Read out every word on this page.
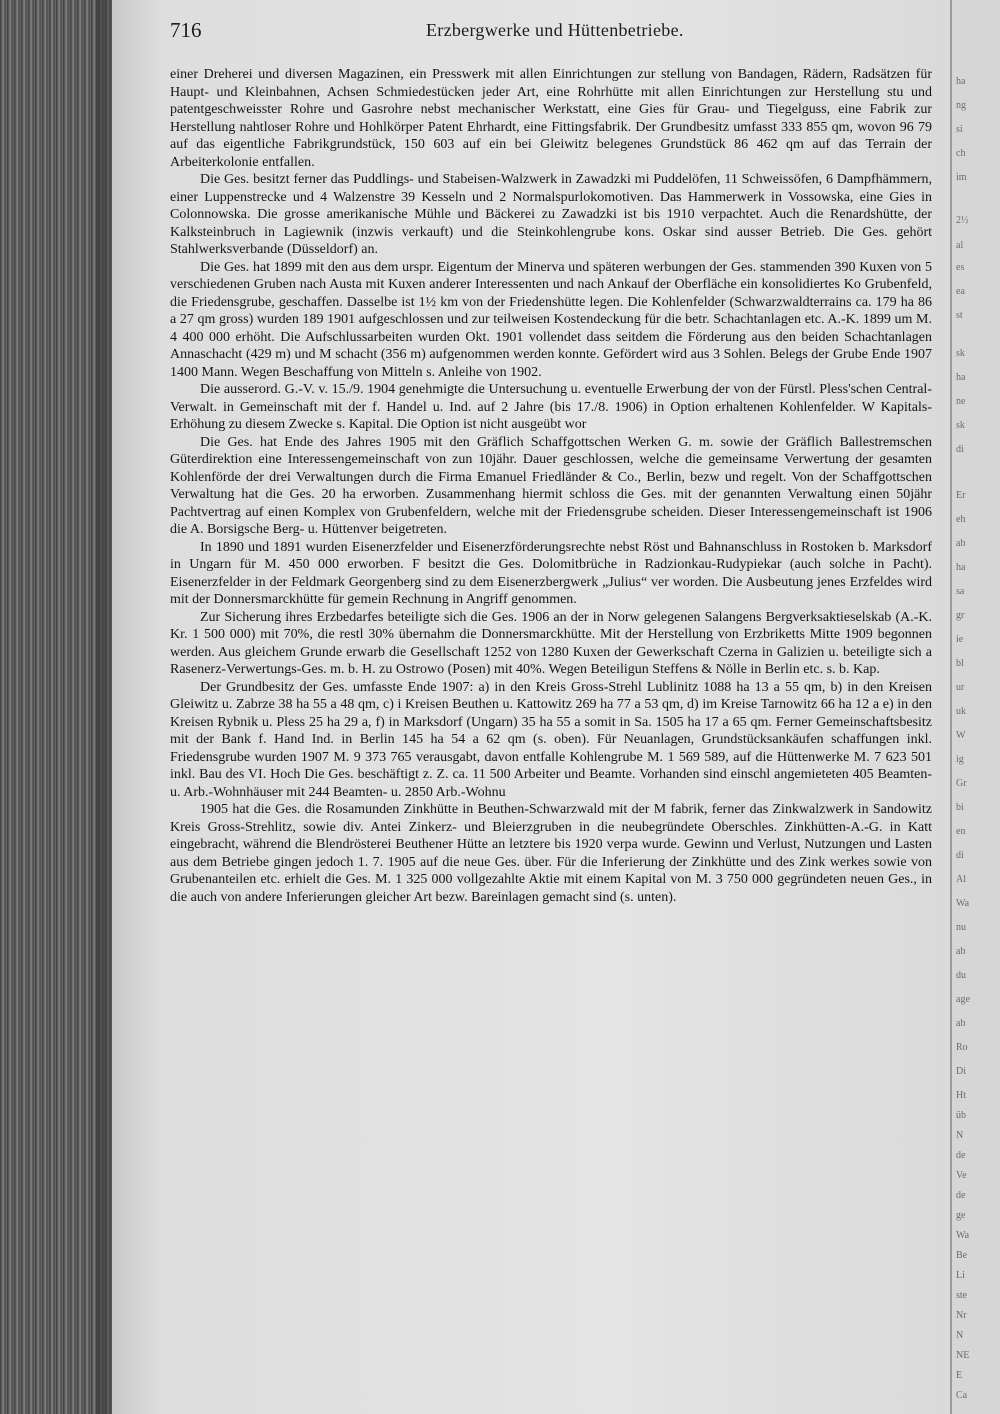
ha
ng
si
ch
im
2½
al
es
ea
st
sk
ha
ne
sk
di
Er
eh
ab
ha
sa
gr
ie
bl
ur
uk
W
ig
Gr
bi
en
di
Al
Wa
nu
ab
du
age
ab
Ro
Di
Ht
üb
N
de
Ve
de
ge
Wa
Be
Li
ste
Nr
N
NE
E
Ca
716	Erzbergwerke und Hüttenbetriebe.

einer Dreherei und diversen Magazinen, ein Presswerk mit allen Einrichtungen zur stellung von Bandagen, Rädern, Radsätzen für Haupt- und Kleinbahnen, Achsen Schmiedestücken jeder Art, eine Rohrhütte mit allen Einrichtungen zur Herstellung stu und patentgeschweisster Rohre und Gasrohre nebst mechanischer Werkstatt, eine Gies für Grau- und Tiegelguss, eine Fabrik zur Herstellung nahtloser Rohre und Hohlkörper Patent Ehrhardt, eine Fittingsfabrik. Der Grundbesitz umfasst 333 855 qm, wovon 96 79 auf das eigentliche Fabrikgrundstück, 150 603 auf ein bei Gleiwitz belegenes Grundstück 86 462 qm auf das Terrain der Arbeiterkolonie entfallen.

Die Ges. besitzt ferner das Puddlings- und Stabeisen-Walzwerk in Zawadzki mi Puddelöfen, 11 Schweissöfen, 6 Dampfhämmern, einer Luppenstrecke und 4 Walzenstre 39 Kesseln und 2 Normalspurlokomotiven. Das Hammerwerk in Vossowska, eine Gies in Colonnowska. Die grosse amerikanische Mühle und Bäckerei zu Zawadzki ist bis 1910 verpachtet. Auch die Renardshütte, der Kalksteinbruch in Lagiewnik (inzwis verkauft) und die Steinkohlengrube kons. Oskar sind ausser Betrieb. Die Ges. gehört Stahlwerksverbande (Düsseldorf) an.

Die Ges. hat 1899 mit den aus dem urspr. Eigentum der Minerva und späteren werbungen der Ges. stammenden 390 Kuxen von 5 verschiedenen Gruben nach Austa mit Kuxen anderer Interessenten und nach Ankauf der Oberfläche ein konsolidiertes Ko Grubenfeld, die Friedensgrube, geschaffen. Dasselbe ist 1½ km von der Friedenshütte legen. Die Kohlenfelder (Schwarzwaldterrains ca. 179 ha 86 a 27 qm gross) wurden 189 1901 aufgeschlossen und zur teilweisen Kostendeckung für die betr. Schachtanlagen etc. A.-K. 1899 um M. 4 400 000 erhöht. Die Aufschlussarbeiten wurden Okt. 1901 vollendet dass seitdem die Förderung aus den beiden Schachtanlagen Annaschacht (429 m) und M schacht (356 m) aufgenommen werden konnte. Gefördert wird aus 3 Sohlen. Belegs der Grube Ende 1907 1400 Mann. Wegen Beschaffung von Mitteln s. Anleihe von 1902.

Die ausserord. G.-V. v. 15./9. 1904 genehmigte die Untersuchung u. eventuelle Erwerbung der von der Fürstl. Pless'schen Central-Verwalt. in Gemeinschaft mit der f. Handel u. Ind. auf 2 Jahre (bis 17./8. 1906) in Option erhaltenen Kohlenfelder. W Kapitals-Erhöhung zu diesem Zwecke s. Kapital. Die Option ist nicht ausgeübt wor

Die Ges. hat Ende des Jahres 1905 mit den Gräflich Schaffgottschen Werken G. m. sowie der Gräflich Ballestremschen Güterdirektion eine Interessengemeinschaft von zun 10jähr. Dauer geschlossen, welche die gemeinsame Verwertung der gesamten Kohlenförde der drei Verwaltungen durch die Firma Emanuel Friedländer & Co., Berlin, bezw und regelt. Von der Schaffgottschen Verwaltung hat die Ges. 20 ha erworben. Zusammenhang hiermit schloss die Ges. mit der genannten Verwaltung einen 50jähr Pachtvertrag auf einen Komplex von Grubenfeldern, welche mit der Friedensgrube scheiden. Dieser Interessengemeinschaft ist 1906 die A. Borsigsche Berg- u. Hüttenver beigetreten.

In 1890 und 1891 wurden Eisenerzfelder und Eisenerzförderungsrechte nebst Röst und Bahnanschluss in Rostoken b. Marksdorf in Ungarn für M. 450 000 erworben. F besitzt die Ges. Dolomitbrüche in Radzionkau-Rudypiekar (auch solche in Pacht). Eisenerzfelder in der Feldmark Georgenberg sind zu dem Eisenerzbergwerk „Julius“ ver worden. Die Ausbeutung jenes Erzfeldes wird mit der Donnersmarckhütte für gemein Rechnung in Angriff genommen.

Zur Sicherung ihres Erzbedarfes beteiligte sich die Ges. 1906 an der in Norw gelegenen Salangens Bergverksaktieselskab (A.-K. Kr. 1 500 000) mit 70%, die restl 30% übernahm die Donnersmarckhütte. Mit der Herstellung von Erzbriketts Mitte 1909 begonnen werden. Aus gleichem Grunde erwarb die Gesellschaft 1252 von 1280 Kuxen der Gewerkschaft Czerna in Galizien u. beteiligte sich a Rasenerz-Verwertungs-Ges. m. b. H. zu Ostrowo (Posen) mit 40%. Wegen Beteiligun Steffens & Nölle in Berlin etc. s. b. Kap.

Der Grundbesitz der Ges. umfasste Ende 1907: a) in den Kreis Gross-Strehl Lublinitz 1088 ha 13 a 55 qm, b) in den Kreisen Gleiwitz u. Zabrze 38 ha 55 a 48 qm, c) i Kreisen Beuthen u. Kattowitz 269 ha 77 a 53 qm, d) im Kreise Tarnowitz 66 ha 12 a e) in den Kreisen Rybnik u. Pless 25 ha 29 a, f) in Marksdorf (Ungarn) 35 ha 55 a somit in Sa. 1505 ha 17 a 65 qm. Ferner Gemeinschaftsbesitz mit der Bank f. Hand Ind. in Berlin 145 ha 54 a 62 qm (s. oben). Für Neuanlagen, Grundstücksankäufen schaffungen inkl. Friedensgrube wurden 1907 M. 9 373 765 verausgabt, davon entfalle Kohlengrube M. 1 569 589, auf die Hüttenwerke M. 7 623 501 inkl. Bau des VI. Hoch Die Ges. beschäftigt z. Z. ca. 11 500 Arbeiter und Beamte. Vorhanden sind einschl angemieteten 405 Beamten- u. Arb.-Wohnhäuser mit 244 Beamten- u. 2850 Arb.-Wohnu

1905 hat die Ges. die Rosamunden Zinkhütte in Beuthen-Schwarzwald mit der M fabrik, ferner das Zinkwalzwerk in Sandowitz Kreis Gross-Strehlitz, sowie div. Antei Zinkerz- und Bleierzgruben in die neubegründete Oberschles. Zinkhütten-A.-G. in Katt eingebracht, während die Blendrösterei Beuthener Hütte an letztere bis 1920 verpa wurde. Gewinn und Verlust, Nutzungen und Lasten aus dem Betriebe gingen jedoch 1. 7. 1905 auf die neue Ges. über. Für die Inferierung der Zinkhütte und des Zink werkes sowie von Grubenanteilen etc. erhielt die Ges. M. 1 325 000 vollgezahlte Aktie mit einem Kapital von M. 3 750 000 gegründeten neuen Ges., in die auch von andere Inferierungen gleicher Art bezw. Bareinlagen gemacht sind (s. unten).
